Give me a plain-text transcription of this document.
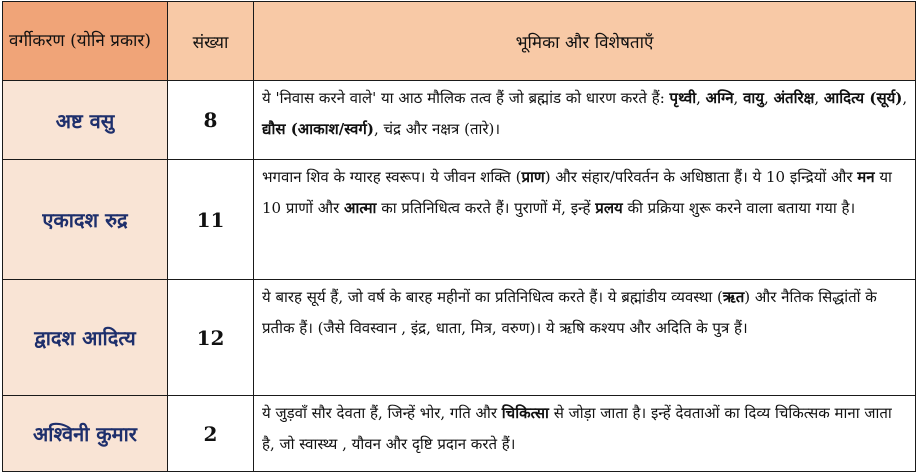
वर्गीकरण (योनि प्रकार)	संख्या	भूमिका और विशेषताएँ
अष्ट वसु	8	ये 'निवास करने वाले' या आठ मौलिक तत्व हैं जो ब्रह्मांड को धारण करते हैं: पृथ्वी, अग्नि, वायु, अंतरिक्ष, आदित्य (सूर्य), द्यौस (आकाश/स्वर्ग), चंद्र और नक्षत्र (तारे)।
एकादश रुद्र	11	भगवान शिव के ग्यारह स्वरूप। ये जीवन शक्ति (प्राण) और संहार/परिवर्तन के अधिष्ठाता हैं। ये 10 इन्द्रियों और मन या 10 प्राणों और आत्मा का प्रतिनिधित्व करते हैं। पुराणों में, इन्हें प्रलय की प्रक्रिया शुरू करने वाला बताया गया है।
द्वादश आदित्य	12	ये बारह सूर्य हैं, जो वर्ष के बारह महीनों का प्रतिनिधित्व करते हैं। ये ब्रह्मांडीय व्यवस्था (ऋत) और नैतिक सिद्धांतों के प्रतीक हैं। (जैसे विवस्वान , इंद्र, धाता, मित्र, वरुण)। ये ऋषि कश्यप और अदिति के पुत्र हैं।
अश्विनी कुमार	2	ये जुड़वाँ सौर देवता हैं, जिन्हें भोर, गति और चिकित्सा से जोड़ा जाता है। इन्हें देवताओं का दिव्य चिकित्सक माना जाता है, जो स्वास्थ्य , यौवन और दृष्टि प्रदान करते हैं।
